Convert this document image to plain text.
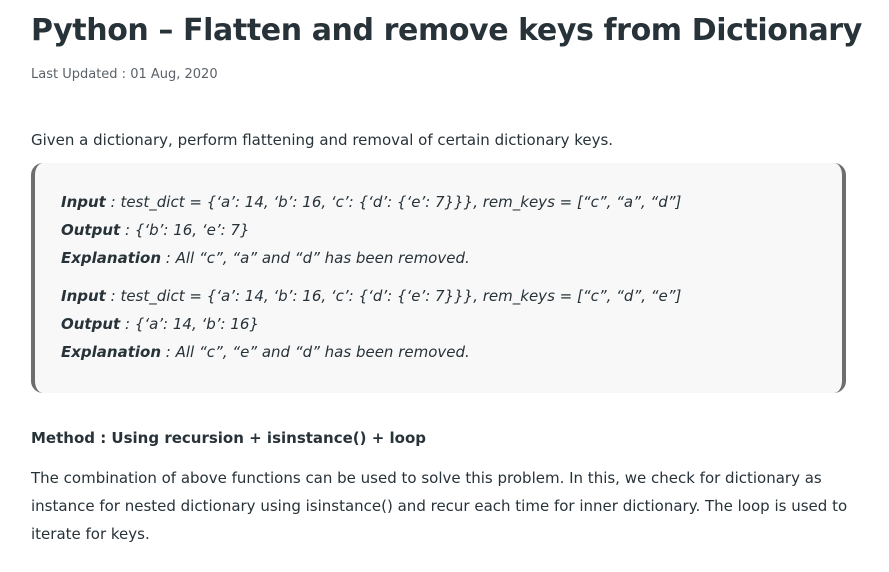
Python – Flatten and remove keys from Dictionary
Last Updated : 01 Aug, 2020

Given a dictionary, perform flattening and removal of certain dictionary keys.

Input : test_dict = {‘a’: 14, ‘b’: 16, ‘c’: {‘d’: {‘e’: 7}}}, rem_keys = [“c”, “a”, “d”]
Output : {‘b’: 16, ‘e’: 7}
Explanation : All “c”, “a” and “d” has been removed.
Input : test_dict = {‘a’: 14, ‘b’: 16, ‘c’: {‘d’: {‘e’: 7}}}, rem_keys = [“c”, “d”, “e”]
Output : {‘a’: 14, ‘b’: 16}
Explanation : All “c”, “e” and “d” has been removed.
Method : Using recursion + isinstance() + loop

The combination of above functions can be used to solve this problem. In this, we check for dictionary as instance for nested dictionary using isinstance() and recur each time for inner dictionary. The loop is used to iterate for keys.
